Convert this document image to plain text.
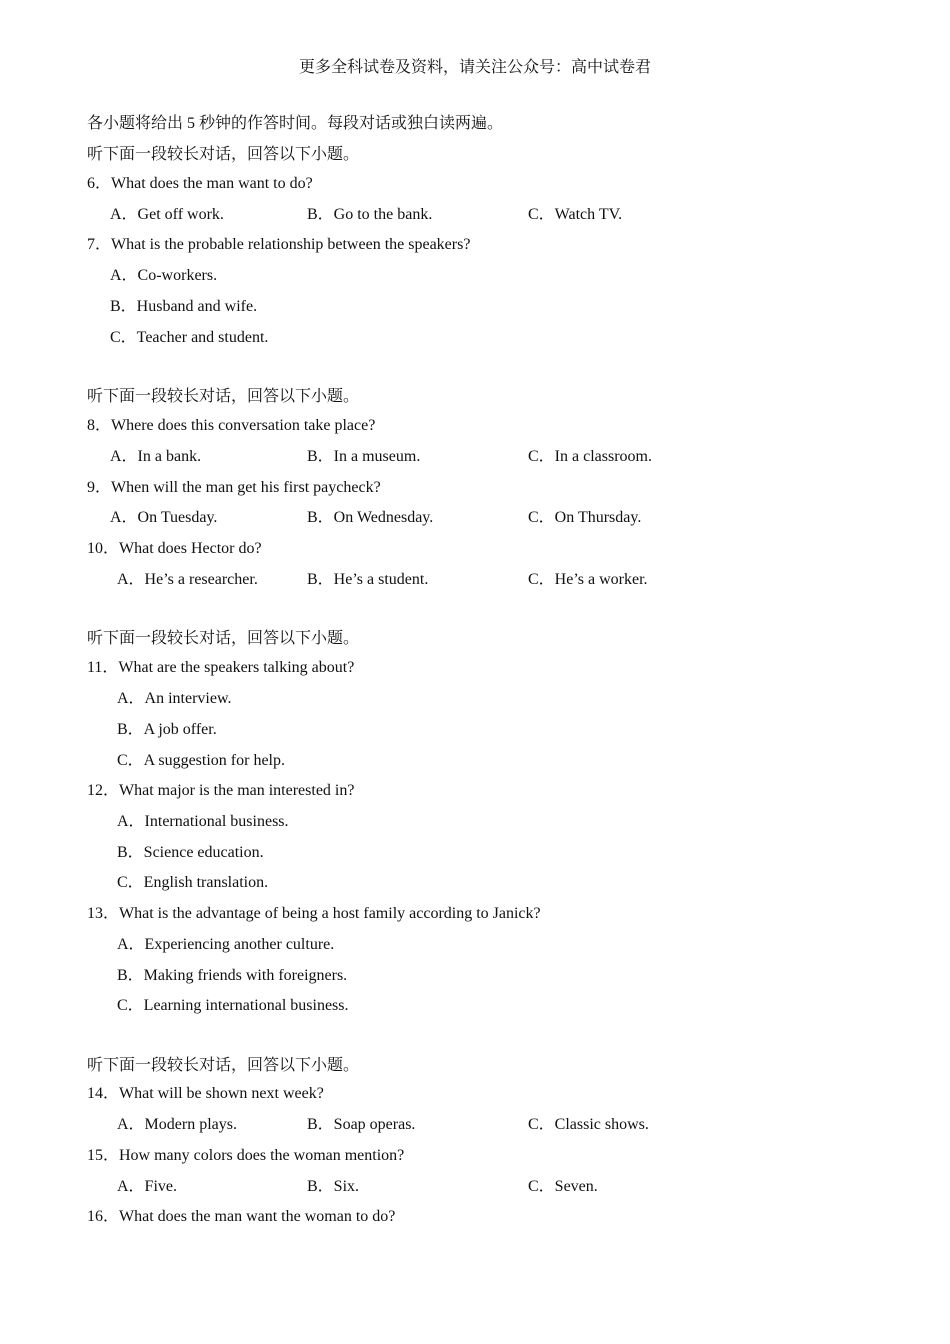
更多全科试卷及资料，请关注公众号：高中试卷君
各小题将给出 5 秒钟的作答时间。每段对话或独白读两遍。
听下面一段较长对话，回答以下小题。
6．What does the man want to do?
A．Get off work.	B．Go to the bank.	C．Watch TV.
7．What is the probable relationship between the speakers?
A．Co-workers.
B．Husband and wife.
C．Teacher and student.
听下面一段较长对话，回答以下小题。
8．Where does this conversation take place?
A．In a bank.	B．In a museum.	C．In a classroom.
9．When will the man get his first paycheck?
A．On Tuesday.	B．On Wednesday.	C．On Thursday.
10．What does Hector do?
A．He’s a researcher.	B．He’s a student.	C．He’s a worker.
听下面一段较长对话，回答以下小题。
11．What are the speakers talking about?
A．An interview.
B．A job offer.
C．A suggestion for help.
12．What major is the man interested in?
A．International business.
B．Science education.
C．English translation.
13．What is the advantage of being a host family according to Janick?
A．Experiencing another culture.
B．Making friends with foreigners.
C．Learning international business.
听下面一段较长对话，回答以下小题。
14．What will be shown next week?
A．Modern plays.	B．Soap operas.	C．Classic shows.
15．How many colors does the woman mention?
A．Five.	B．Six.	C．Seven.
16．What does the man want the woman to do?
